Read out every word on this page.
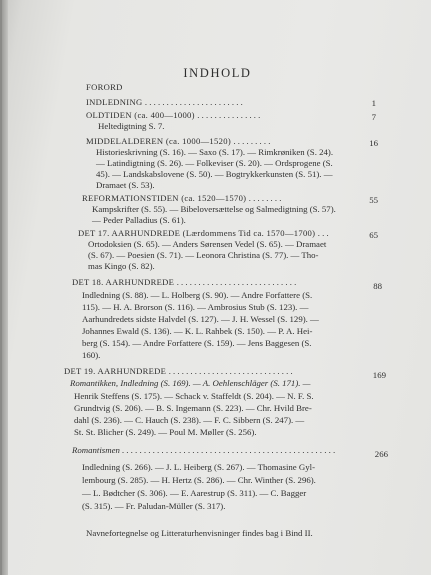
INDHOLD
FORORD
INDLEDNING .......................	1
OLDTIDEN (ca. 400—1000) ...............	7
Heltedigtning S. 7.
MIDDELALDEREN (ca. 1000—1520) .........	16
Historieskrivning (S. 16). — Saxo (S. 17). — Rimkrøniken (S. 24).
— Latindigtning (S. 26). — Folkeviser (S. 20). — Ordsprogene (S.
45). — Landskabslovene (S. 50). — Bogtrykkerkunsten (S. 51). —
Dramaet (S. 53).
REFORMATIONSTIDEN (ca. 1520—1570) ........	55
Kampskrifter (S. 55). — Bibeloversættelse og Salmedigtning (S. 57).
— Peder Palladius (S. 61).
DET 17. AARHUNDREDE (Lærdommens Tid ca. 1570—1700) ...	65
Ortodoksien (S. 65). — Anders Sørensen Vedel (S. 65). — Dramaet
(S. 67). — Poesien (S. 71). — Leonora Christina (S. 77). — Tho-
mas Kingo (S. 82).
DET 18. AARHUNDREDE ............................	88
Indledning (S. 88). — L. Holberg (S. 90). — Andre Forfattere (S.
115). — H. A. Brorson (S. 116). — Ambrosius Stub (S. 123). —
Aarhundredets sidste Halvdel (S. 127). — J. H. Wessel (S. 129). —
Johannes Ewald (S. 136). — K. L. Rahbek (S. 150). — P. A. Hei-
berg (S. 154). — Andre Forfattere (S. 159). — Jens Baggesen (S.
160).
DET 19. AARHUNDREDE .............................	169
Romantikken, Indledning (S. 169). — A. Oehlenschläger (S. 171). —
Henrik Steffens (S. 175). — Schack v. Staffeldt (S. 204). — N. F. S.
Grundtvig (S. 206). — B. S. Ingemann (S. 223). — Chr. Hvild Bre-
dahl (S. 236). — C. Hauch (S. 238). — F. C. Sibbern (S. 247). —
St. St. Blicher (S. 249). — Poul M. Møller (S. 256).
Romantismen .................................................	266
Indledning (S. 266). — J. L. Heiberg (S. 267). — Thomasine Gyl-
lembourg (S. 285). — H. Hertz (S. 286). — Chr. Winther (S. 296).
— L. Bødtcher (S. 306). — E. Aarestrup (S. 311). — C. Bagger
(S. 315). — Fr. Paludan-Müller (S. 317).
Navnefortegnelse og Litteraturhenvisninger findes bag i Bind II.
